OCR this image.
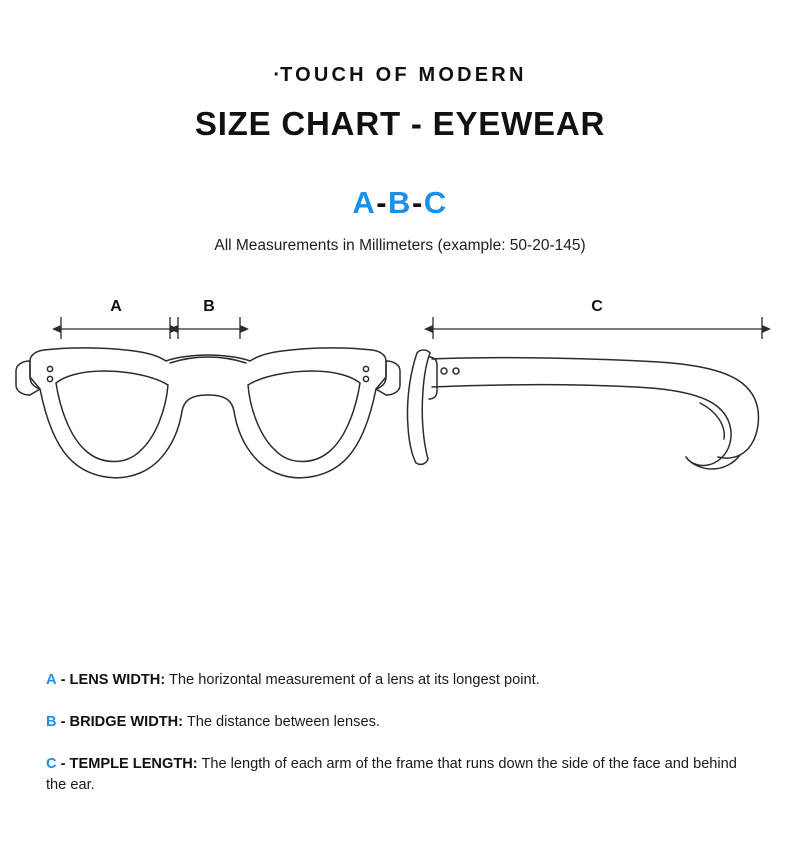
·TOUCH OF MODERN
SIZE CHART - EYEWEAR
A-B-C
All Measurements in Millimeters (example: 50-20-145)
A	B	C
A - LENS WIDTH: The horizontal measurement of a lens at its longest point.
B - BRIDGE WIDTH: The distance between lenses.
C - TEMPLE LENGTH: The length of each arm of the frame that runs down the side of the face and behind the ear.
